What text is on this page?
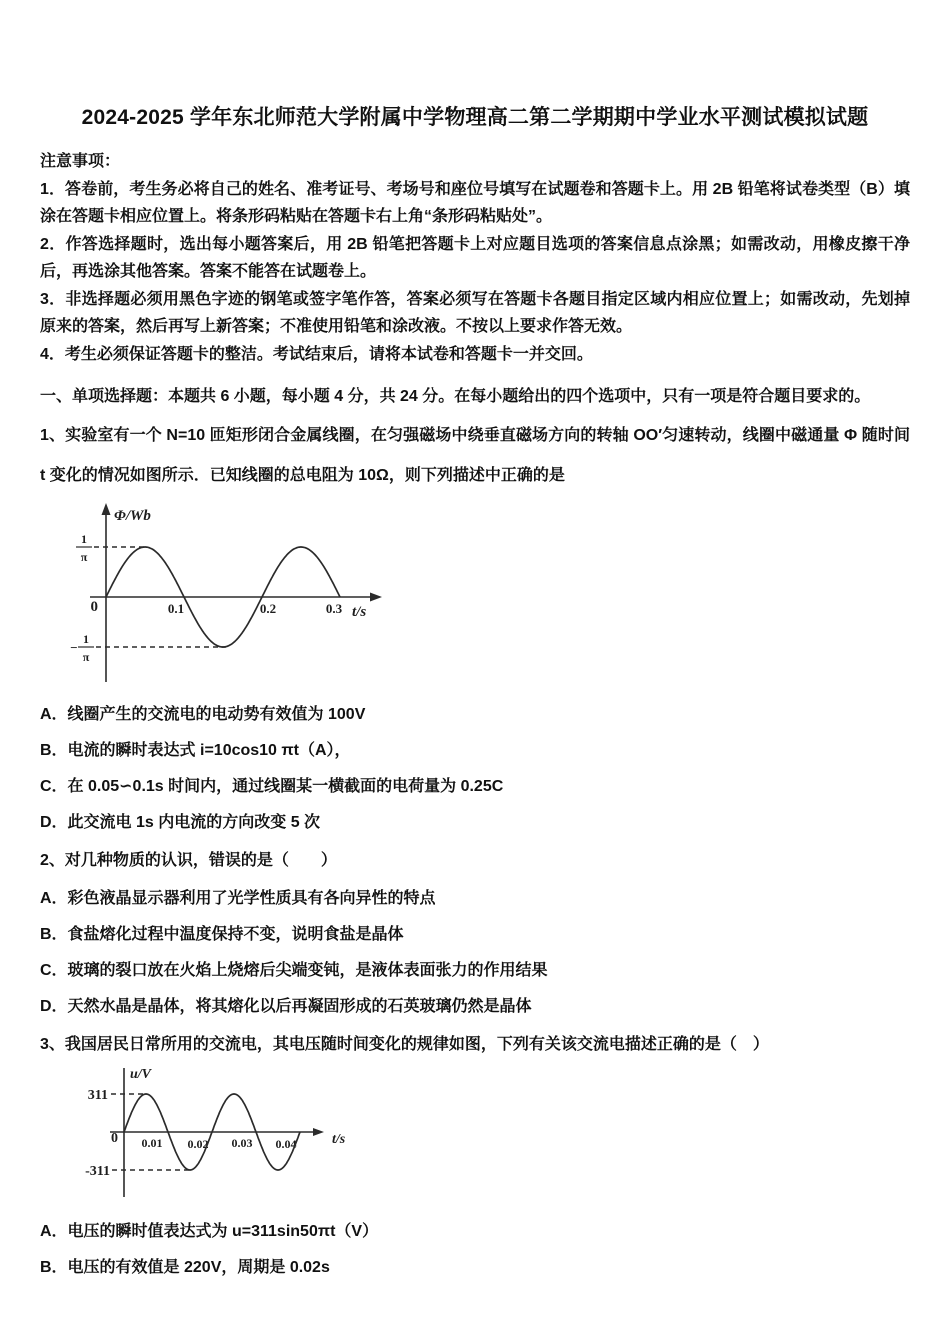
2024-2025 学年东北师范大学附属中学物理高二第二学期期中学业水平测试模拟试题

注意事项：

1．答卷前，考生务必将自己的姓名、准考证号、考场号和座位号填写在试题卷和答题卡上。用 2B 铅笔将试卷类型（B）填涂在答题卡相应位置上。将条形码粘贴在答题卡右上角“条形码粘贴处”。

2．作答选择题时，选出每小题答案后，用 2B 铅笔把答题卡上对应题目选项的答案信息点涂黑；如需改动，用橡皮擦干净后，再选涂其他答案。答案不能答在试题卷上。

3．非选择题必须用黑色字迹的钢笔或签字笔作答，答案必须写在答题卡各题目指定区域内相应位置上；如需改动，先划掉原来的答案，然后再写上新答案；不准使用铅笔和涂改液。不按以上要求作答无效。

4．考生必须保证答题卡的整洁。考试结束后，请将本试卷和答题卡一并交回。

一、单项选择题：本题共 6 小题，每小题 4 分，共 24 分。在每小题给出的四个选项中，只有一项是符合题目要求的。

1、实验室有一个 N=10 匝矩形闭合金属线圈，在匀强磁场中绕垂直磁场方向的转轴 OO′匀速转动，线圈中磁通量 Φ 随时间 t 变化的情况如图所示．已知线圈的总电阻为 10Ω，则下列描述中正确的是

Φ/Wb
t/s
0
1
π
−
1
π
0.1	0.2	0.3

A．线圈产生的交流电的电动势有效值为 100V

B．电流的瞬时表达式 i=10cos10 πt（A），

C．在 0.05∽0.1s 时间内，通过线圈某一横截面的电荷量为 0.25C

D．此交流电 1s 内电流的方向改变 5 次

2、对几种物质的认识，错误的是（　　）

A．彩色液晶显示器利用了光学性质具有各向异性的特点

B．食盐熔化过程中温度保持不变，说明食盐是晶体

C．玻璃的裂口放在火焰上烧熔后尖端变钝，是液体表面张力的作用结果

D．天然水晶是晶体，将其熔化以后再凝固形成的石英玻璃仍然是晶体

3、我国居民日常所用的交流电，其电压随时间变化的规律如图，下列有关该交流电描述正确的是（　）

u/V
t/s
311
0
-311
0.01 0.02 0.03 0.04

A．电压的瞬时值表达式为 u=311sin50πt（V）

B．电压的有效值是 220V，周期是 0.02s
